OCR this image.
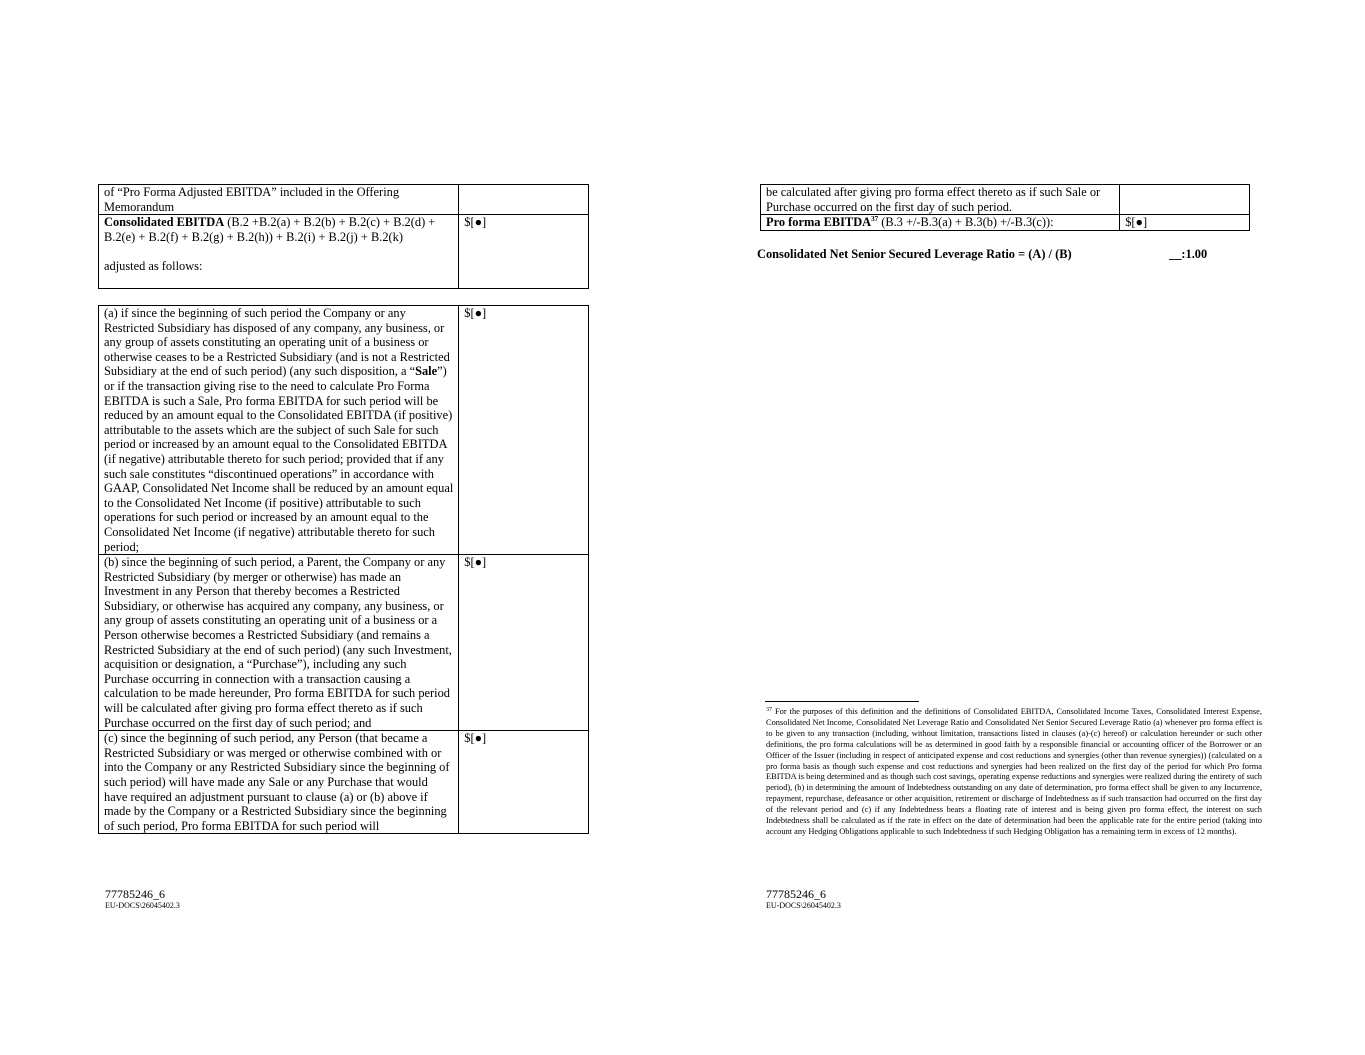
of “Pro Forma Adjusted EBITDA” included in the Offering Memorandum	
Consolidated EBITDA (B.2 +B.2(a) + B.2(b) + B.2(c) + B.2(d) + B.2(e) + B.2(f) + B.2(g) + B.2(h)) + B.2(i) + B.2(j) + B.2(k)
adjusted as follows:	$[●]
(a) if since the beginning of such period the Company or any Restricted Subsidiary has disposed of any company, any business, or any group of assets constituting an operating unit of a business or otherwise ceases to be a Restricted Subsidiary (and is not a Restricted Subsidiary at the end of such period) (any such disposition, a “Sale”) or if the transaction giving rise to the need to calculate Pro Forma EBITDA is such a Sale, Pro forma EBITDA for such period will be reduced by an amount equal to the Consolidated EBITDA (if positive) attributable to the assets which are the subject of such Sale for such period or increased by an amount equal to the Consolidated EBITDA (if negative) attributable thereto for such period; provided that if any such sale constitutes “discontinued operations” in accordance with GAAP, Consolidated Net Income shall be reduced by an amount equal to the Consolidated Net Income (if positive) attributable to such operations for such period or increased by an amount equal to the Consolidated Net Income (if negative) attributable thereto for such period;	$[●]
(b) since the beginning of such period, a Parent, the Company or any Restricted Subsidiary (by merger or otherwise) has made an Investment in any Person that thereby becomes a Restricted Subsidiary, or otherwise has acquired any company, any business, or any group of assets constituting an operating unit of a business or a Person otherwise becomes a Restricted Subsidiary (and remains a Restricted Subsidiary at the end of such period) (any such Investment, acquisition or designation, a “Purchase”), including any such Purchase occurring in connection with a transaction causing a calculation to be made hereunder, Pro forma EBITDA for such period will be calculated after giving pro forma effect thereto as if such Purchase occurred on the first day of such period; and	$[●]
(c) since the beginning of such period, any Person (that became a Restricted Subsidiary or was merged or otherwise combined with or into the Company or any Restricted Subsidiary since the beginning of such period) will have made any Sale or any Purchase that would have required an adjustment pursuant to clause (a) or (b) above if made by the Company or a Restricted Subsidiary since the beginning of such period, Pro forma EBITDA for such period will	$[●]
77785246_6
EU-DOCS\26045402.3
be calculated after giving pro forma effect thereto as if such Sale or Purchase occurred on the first day of such period.	
Pro forma EBITDA$^{37}$ (B.3 +/-B.3(a) + B.3(b) +/-B.3(c)):	$[●]
Consolidated Net Senior Secured Leverage Ratio = (A) / (B)	__:1.00

$^{37}$ For the purposes of this definition and the definitions of Consolidated EBITDA, Consolidated Income Taxes, Consolidated Interest Expense, Consolidated Net Income, Consolidated Net Leverage Ratio and Consolidated Net Senior Secured Leverage Ratio (a) whenever pro forma effect is to be given to any transaction (including, without limitation, transactions listed in clauses (a)-(c) hereof) or calculation hereunder or such other definitions, the pro forma calculations will be as determined in good faith by a responsible financial or accounting officer of the Borrower or an Officer of the Issuer (including in respect of anticipated expense and cost reductions and synergies (other than revenue synergies)) (calculated on a pro forma basis as though such expense and cost reductions and synergies had been realized on the first day of the period for which Pro forma EBITDA is being determined and as though such cost savings, operating expense reductions and synergies were realized during the entirety of such period), (b) in determining the amount of Indebtedness outstanding on any date of determination, pro forma effect shall be given to any Incurrence, repayment, repurchase, defeasance or other acquisition, retirement or discharge of Indebtedness as if such transaction had occurred on the first day of the relevant period and (c) if any Indebtedness bears a floating rate of interest and is being given pro forma effect, the interest on such Indebtedness shall be calculated as if the rate in effect on the date of determination had been the applicable rate for the entire period (taking into account any Hedging Obligations applicable to such Indebtedness if such Hedging Obligation has a remaining term in excess of 12 months).

77785246_6
EU-DOCS\26045402.3
